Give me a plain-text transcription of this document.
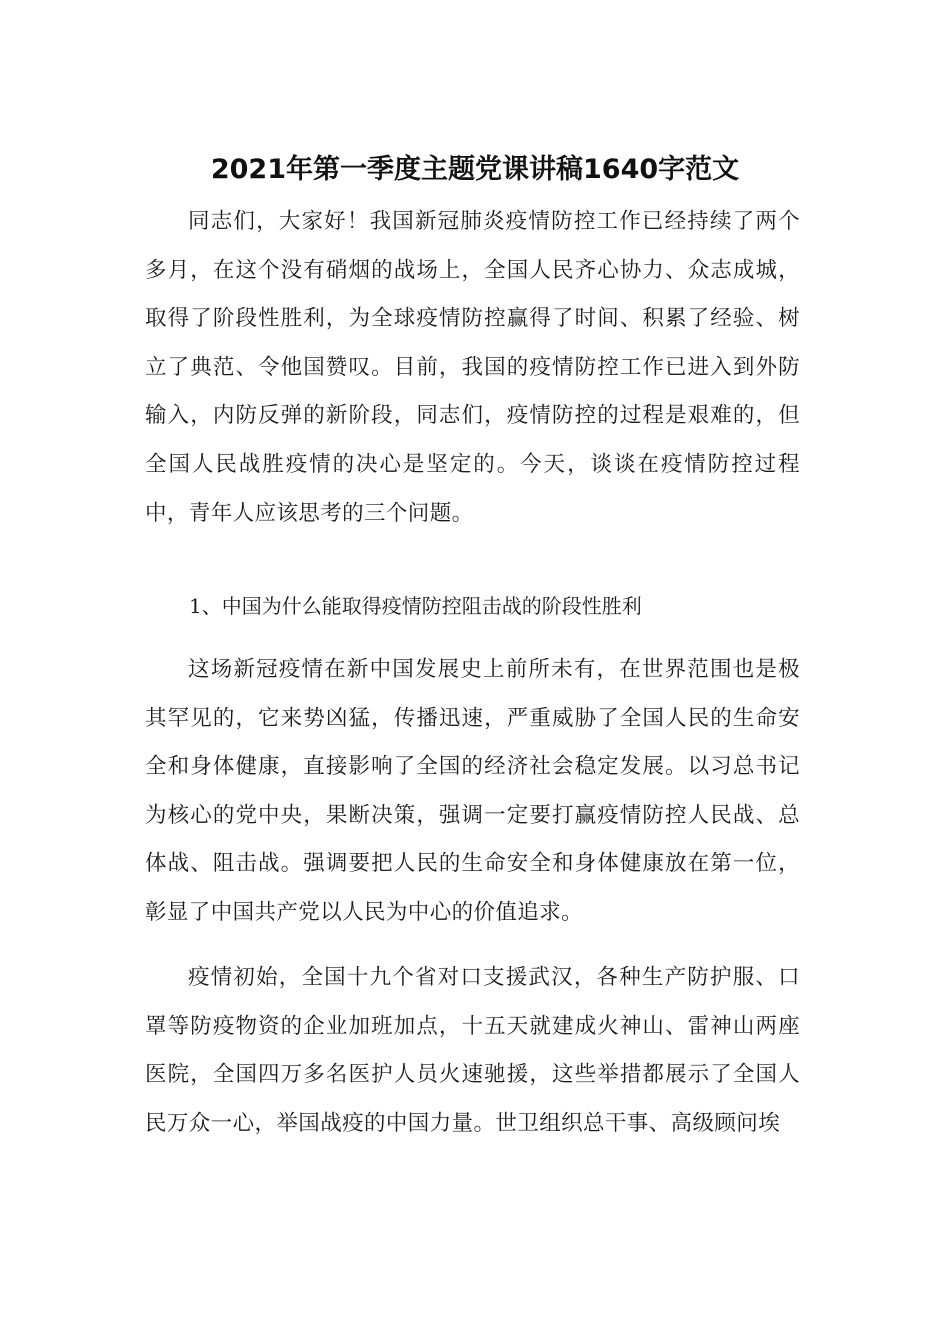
2021年第一季度主题党课讲稿1640字范文

同志们，大家好！我国新冠肺炎疫情防控工作已经持续了两个多月，在这个没有硝烟的战场上，全国人民齐心协力、众志成城，取得了阶段性胜利，为全球疫情防控赢得了时间、积累了经验、树立了典范、令他国赞叹。目前，我国的疫情防控工作已进入到外防输入，内防反弹的新阶段，同志们，疫情防控的过程是艰难的，但全国人民战胜疫情的决心是坚定的。今天，谈谈在疫情防控过程中，青年人应该思考的三个问题。

1、中国为什么能取得疫情防控阻击战的阶段性胜利

这场新冠疫情在新中国发展史上前所未有，在世界范围也是极其罕见的，它来势凶猛，传播迅速，严重威胁了全国人民的生命安全和身体健康，直接影响了全国的经济社会稳定发展。以习总书记为核心的党中央，果断决策，强调一定要打赢疫情防控人民战、总体战、阻击战。强调要把人民的生命安全和身体健康放在第一位，彰显了中国共产党以人民为中心的价值追求。

疫情初始，全国十九个省对口支援武汉，各种生产防护服、口罩等防疫物资的企业加班加点，十五天就建成火神山、雷神山两座医院，全国四万多名医护人员火速驰援，这些举措都展示了全国人民万众一心，举国战疫的中国力量。世卫组织总干事、高级顾问埃
